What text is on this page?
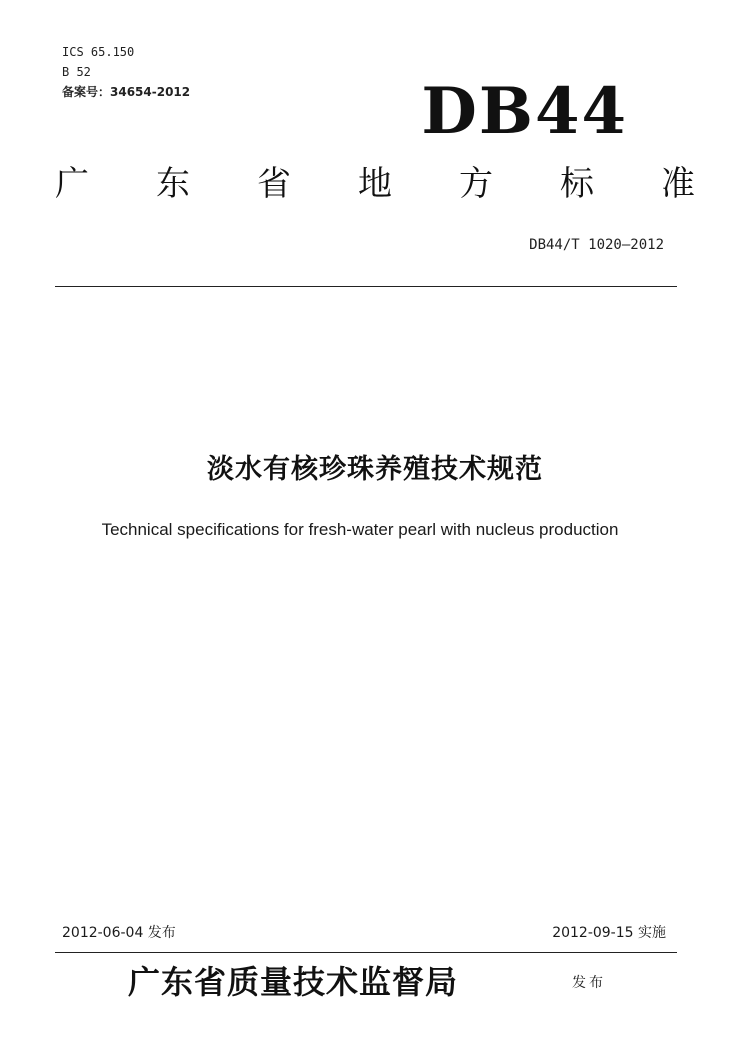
ICS 65.150
B 52
备案号：34654-2012	DB44
广 东 省 地 方 标 准
DB44/T 1020—2012
淡水有核珍珠养殖技术规范
Technical specifications for fresh-water pearl with nucleus production
2012-06-04 发布	2012-09-15 实施
广东省质量技术监督局	发布
